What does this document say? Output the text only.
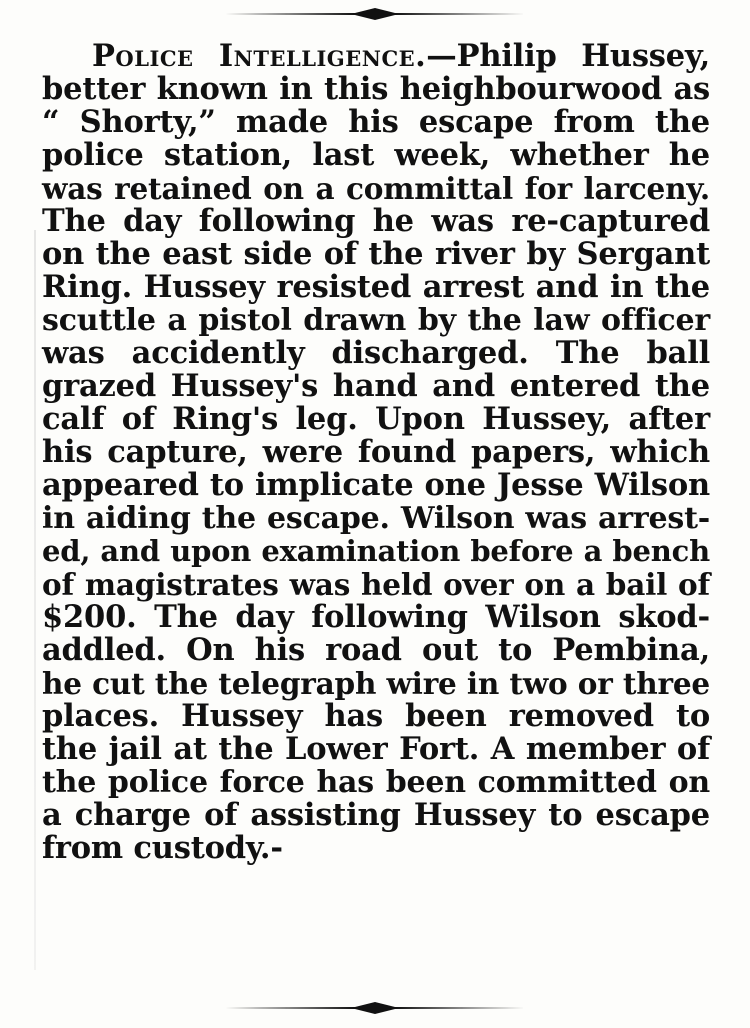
Police Intelligence.—Philip Hussey,
better known in this heighbourwood as
“ Shorty,” made his escape from the
police station, last week, whether he
was retained on a committal for larceny.
The day following he was re-captured
on the east side of the river by Sergant
Ring. Hussey resisted arrest and in the
scuttle a pistol drawn by the law officer
was accidently discharged. The ball
grazed Hussey's hand and entered the
calf of Ring's leg. Upon Hussey, after
his capture, were found papers, which
appeared to implicate one Jesse Wilson
in aiding the escape. Wilson was arrest-
ed, and upon examination before a bench
of magistrates was held over on a bail of
$200. The day following Wilson skod-
addled. On his road out to Pembina,
he cut the telegraph wire in two or three
places. Hussey has been removed to
the jail at the Lower Fort. A member of
the police force has been committed on
a charge of assisting Hussey to escape
from custody.-
